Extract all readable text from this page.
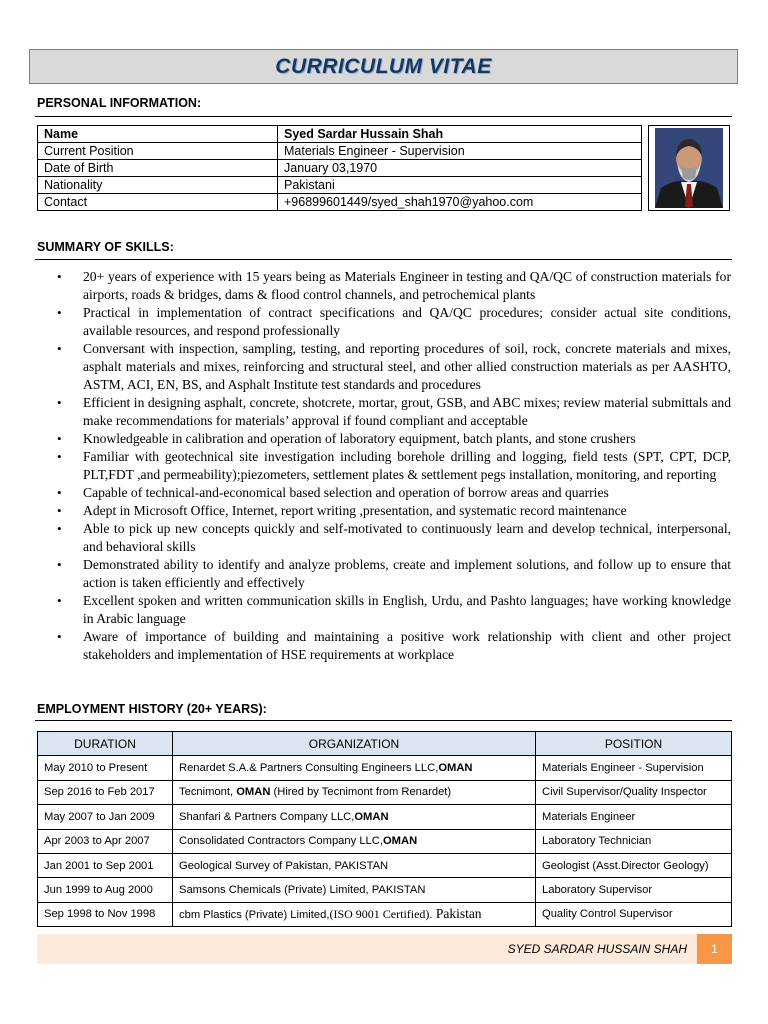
CURRICULUM VITAE
PERSONAL INFORMATION:
Name	Syed Sardar Hussain Shah
Current Position	Materials Engineer - Supervision
Date of Birth	January 03,1970
Nationality	Pakistani
Contact	+96899601449/syed_shah1970@yahoo.com
SUMMARY OF SKILLS:
• 20+ years of experience with 15 years being as Materials Engineer in testing and QA/QC of construction materials for airports, roads & bridges, dams & flood control channels, and petrochemical plants
• Practical in implementation of contract specifications and QA/QC procedures; consider actual site conditions, available resources, and respond professionally
• Conversant with inspection, sampling, testing, and reporting procedures of soil, rock, concrete materials and mixes, asphalt materials and mixes, reinforcing and structural steel, and other allied construction materials as per AASHTO, ASTM, ACI, EN, BS, and Asphalt Institute test standards and procedures
• Efficient in designing asphalt, concrete, shotcrete, mortar, grout, GSB, and ABC mixes; review material submittals and make recommendations for materials’ approval if found compliant and acceptable
• Knowledgeable in calibration and operation of laboratory equipment, batch plants, and stone crushers
• Familiar with geotechnical site investigation including borehole drilling and logging, field tests (SPT, CPT, DCP, PLT,FDT ,and permeability);piezometers, settlement plates & settlement pegs installation, monitoring, and reporting
• Capable of technical-and-economical based selection and operation of borrow areas and quarries
• Adept in Microsoft Office, Internet, report writing ,presentation, and systematic record maintenance
• Able to pick up new concepts quickly and self-motivated to continuously learn and develop technical, interpersonal, and behavioral skills
• Demonstrated ability to identify and analyze problems, create and implement solutions, and follow up to ensure that action is taken efficiently and effectively
• Excellent spoken and written communication skills in English, Urdu, and Pashto languages; have working knowledge in Arabic language
• Aware of importance of building and maintaining a positive work relationship with client and other project stakeholders and implementation of HSE requirements at workplace
EMPLOYMENT HISTORY (20+ YEARS):
DURATION	ORGANIZATION	POSITION
May 2010 to Present	Renardet S.A.& Partners Consulting Engineers LLC,OMAN	Materials Engineer - Supervision
Sep 2016 to Feb 2017	Tecnimont, OMAN (Hired by Tecnimont from Renardet)	Civil Supervisor/Quality Inspector
May 2007 to Jan 2009	Shanfari & Partners Company LLC,OMAN	Materials Engineer
Apr 2003 to Apr 2007	Consolidated Contractors Company LLC,OMAN	Laboratory Technician
Jan 2001 to Sep 2001	Geological Survey of Pakistan, PAKISTAN	Geologist (Asst.Director Geology)
Jun 1999 to Aug 2000	Samsons Chemicals (Private) Limited, PAKISTAN	Laboratory Supervisor
Sep 1998 to Nov 1998	cbm Plastics (Private) Limited,(ISO 9001 Certified). Pakistan	Quality Control Supervisor
SYED SARDAR HUSSAIN SHAH	1
